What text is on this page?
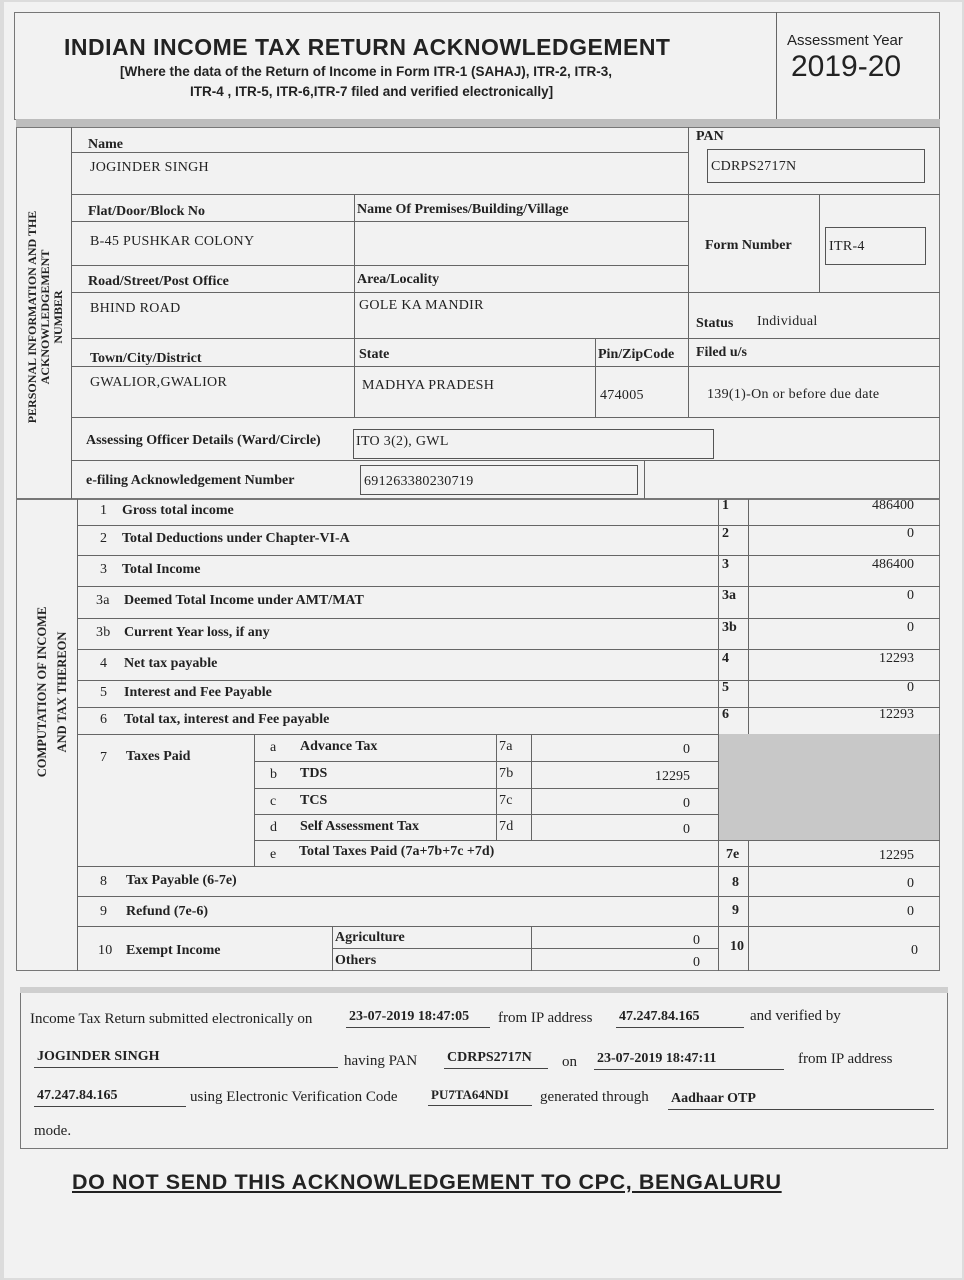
INDIAN INCOME TAX RETURN ACKNOWLEDGEMENT
[Where the data of the Return of Income in Form ITR-1 (SAHAJ), ITR-2, ITR-3,
ITR-4 , ITR-5, ITR-6,ITR-7 filed and verified electronically]
Assessment Year
2019-20
PERSONAL INFORMATION AND THE ACKNOWLEDGEMENT NUMBER
Name
JOGINDER SINGH
PAN
CDRPS2717N
Flat/Door/Block No
B-45 PUSHKAR COLONY
Name Of Premises/Building/Village
Form Number	ITR-4
Road/Street/Post Office
BHIND ROAD
Area/Locality
GOLE KA MANDIR
Status Individual
Town/City/District
GWALIOR,GWALIOR
State
MADHYA PRADESH
Pin/ZipCode
474005
Filed u/s
139(1)-On or before due date
Assessing Officer Details (Ward/Circle)	ITO 3(2), GWL
e-filing Acknowledgement Number	691263380230719
COMPUTATION OF INCOME AND TAX THEREON
1 Gross total income	1	486400
2 Total Deductions under Chapter-VI-A	2	0
3 Total Income	3	486400
3a Deemed Total Income under AMT/MAT	3a	0
3b Current Year loss, if any	3b	0
4 Net tax payable	4	12293
5 Interest and Fee Payable	5	0
6 Total tax, interest and Fee payable	6	12293
7 Taxes Paid
a Advance Tax	7a	0
b TDS	7b	12295
c TCS	7c	0
d Self Assessment Tax	7d	0
e Total Taxes Paid (7a+7b+7c +7d)	7e	12295
8 Tax Payable (6-7e)	8	0
9 Refund (7e-6)	9	0
10 Exempt Income
Agriculture	0
Others	0
10	0
Income Tax Return submitted electronically on	23-07-2019 18:47:05	from IP address 47.247.84.165	and verified by
JOGINDER SINGH	having PAN CDRPS2717N	on 23-07-2019 18:47:11	from IP address
47.247.84.165	using Electronic Verification Code	PU7TA64NDI	generated through Aadhaar OTP
mode.
DO NOT SEND THIS ACKNOWLEDGEMENT TO CPC, BENGALURU
